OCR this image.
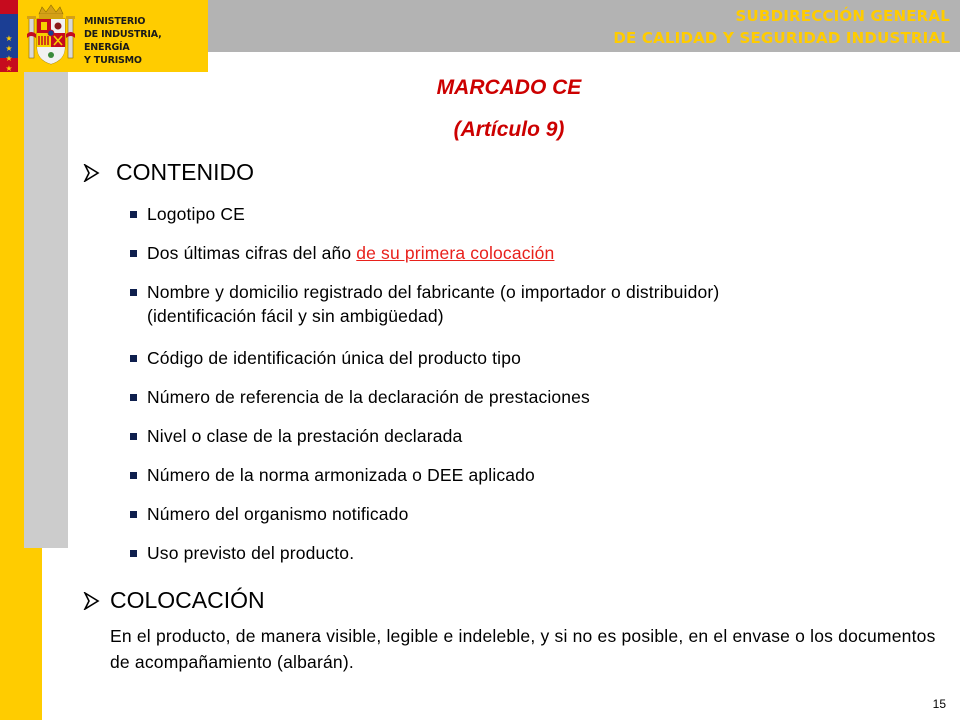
SUBDIRECCIÓN GENERAL

DE CALIDAD Y SEGURIDAD INDUSTRIAL

★
★
★
★

MINISTERIO
DE INDUSTRIA, ENERGÍA
Y TURISMO

MARCADO CE

(Artículo 9)

CONTENIDO

Logotipo CE

Dos últimas cifras del año de su primera colocación

Nombre y domicilio registrado del fabricante (o importador o distribuidor)
(identificación fácil y sin ambigüedad)

Código de identificación única del producto tipo

Número de referencia de la declaración de prestaciones

Nivel o clase de la prestación declarada

Número de la norma armonizada o DEE aplicado

Número del organismo notificado

Uso previsto del producto.

COLOCACIÓN

En el producto, de manera visible, legible e indeleble, y si no es posible, en el envase o los documentos de acompañamiento (albarán).

15
